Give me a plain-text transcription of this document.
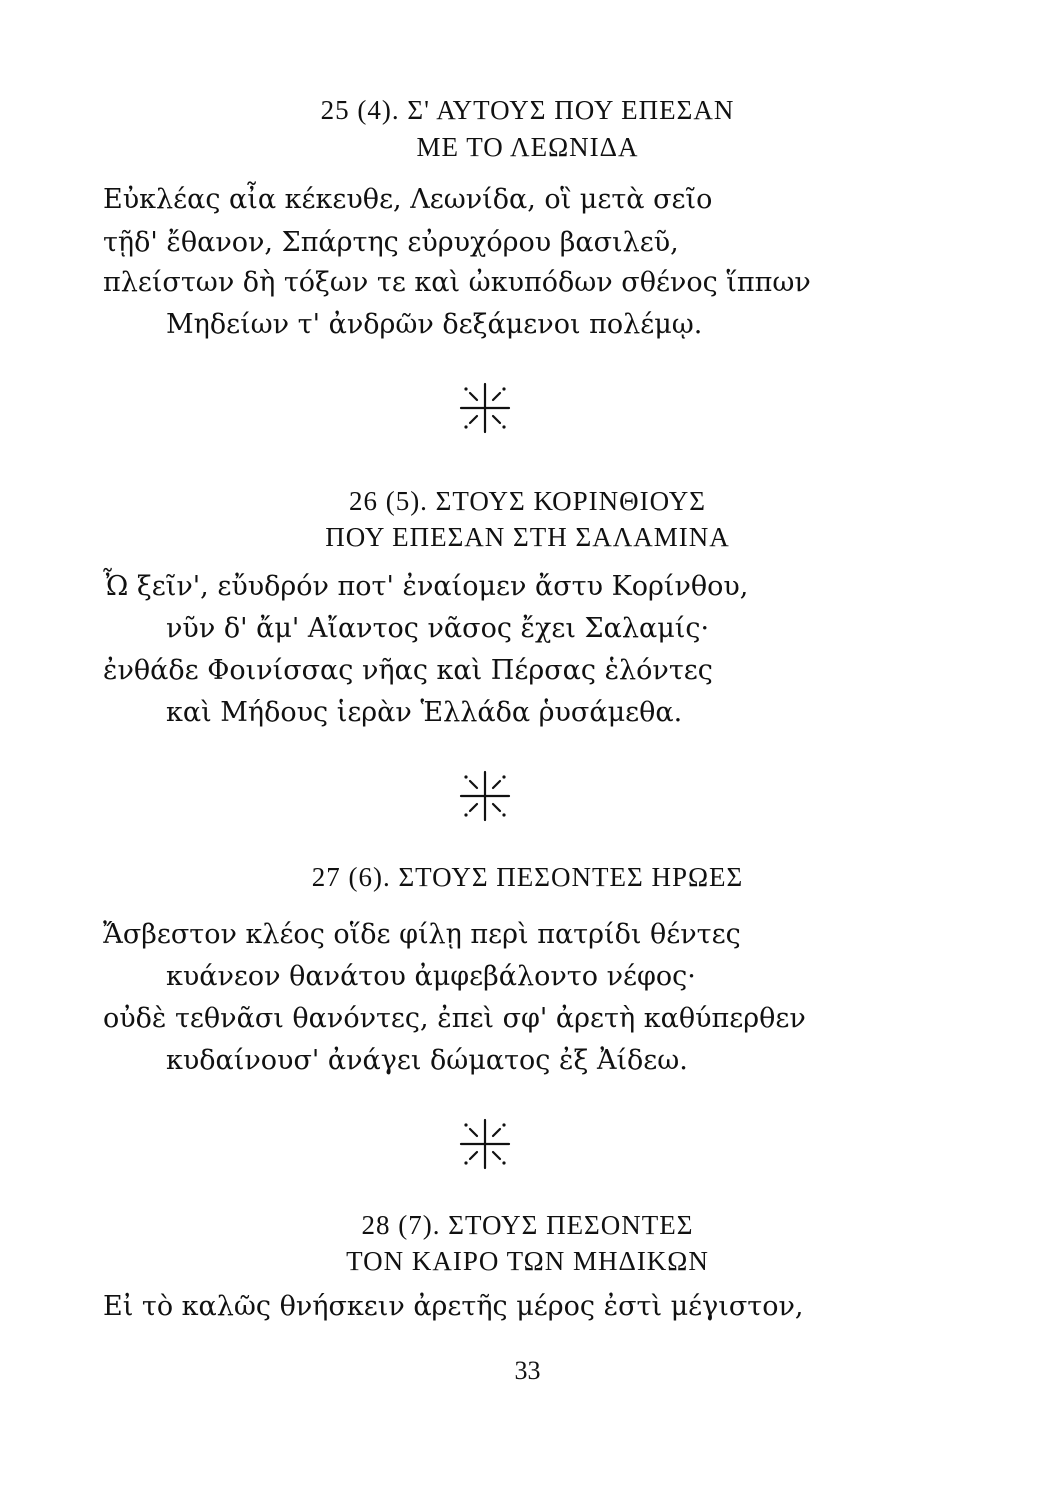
25 (4). Σ' ΑΥΤΟΥΣ ΠΟΥ ΕΠΕΣΑΝ
ΜΕ ΤΟ ΛΕΩΝΙΔΑ
Εὐκλέας αἶα κέκευθε, Λεωνίδα, οἳ μετὰ σεῖο
τῇδ' ἔθανον, Σπάρτης εὐρυχόρου βασιλεῦ,
πλείστων δὴ τόξων τε καὶ ὠκυπόδων σθένος ἵππων
Μηδείων τ' ἀνδρῶν δεξάμενοι πολέμῳ.
26 (5). ΣΤΟΥΣ ΚΟΡΙΝΘΙΟΥΣ
ΠΟΥ ΕΠΕΣΑΝ ΣΤΗ ΣΑΛΑΜΙΝΑ
Ὦ ξεῖν', εὔυδρόν ποτ' ἐναίομεν ἄστυ Κορίνθου,
νῦν δ' ἄμ' Αἴαντος νᾶσος ἔχει Σαλαμίς·
ἐνθάδε Φοινίσσας νῆας καὶ Πέρσας ἑλόντες
καὶ Μήδους ἱερὰν Ἑλλάδα ῥυσάμεθα.
27 (6). ΣΤΟΥΣ ΠΕΣΟΝΤΕΣ ΗΡΩΕΣ
Ἄσβεστον κλέος οἵδε φίλῃ περὶ πατρίδι θέντες
κυάνεον θανάτου ἀμφεβάλοντο νέφος·
οὐδὲ τεθνᾶσι θανόντες, ἐπεὶ σφ' ἀρετὴ καθύπερθεν
κυδαίνουσ' ἀνάγει δώματος ἐξ Ἀίδεω.
28 (7). ΣΤΟΥΣ ΠΕΣΟΝΤΕΣ
ΤΟΝ ΚΑΙΡΟ ΤΩΝ ΜΗΔΙΚΩΝ
Εἰ τὸ καλῶς θνήσκειν ἀρετῆς μέρος ἐστὶ μέγιστον,
33
